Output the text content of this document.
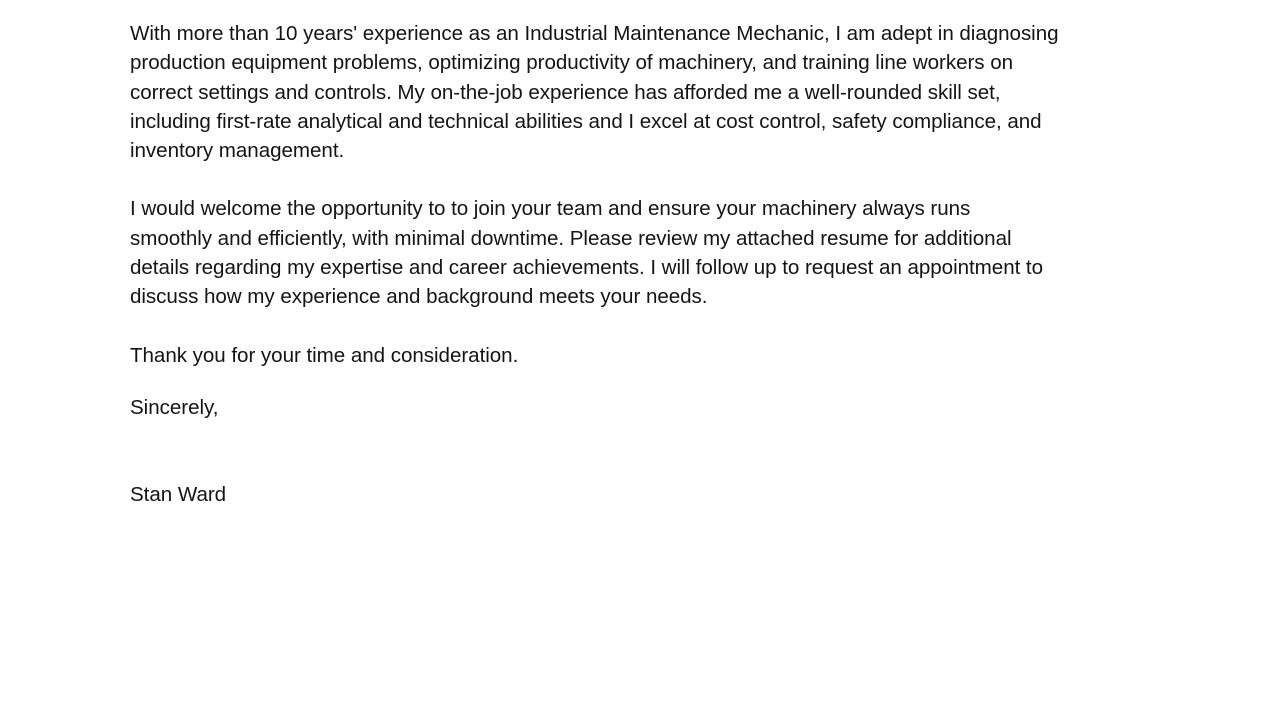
With more than 10 years' experience as an Industrial Maintenance Mechanic, I am adept in diagnosing
production equipment problems, optimizing productivity of machinery, and training line workers on
correct settings and controls. My on-the-job experience has afforded me a well-rounded skill set,
including first-rate analytical and technical abilities and I excel at cost control, safety compliance, and
inventory management.

I would welcome the opportunity to to join your team and ensure your machinery always runs
smoothly and efficiently, with minimal downtime. Please review my attached resume for additional
details regarding my expertise and career achievements. I will follow up to request an appointment to
discuss how my experience and background meets your needs.

Thank you for your time and consideration.

Sincerely,

Stan Ward
